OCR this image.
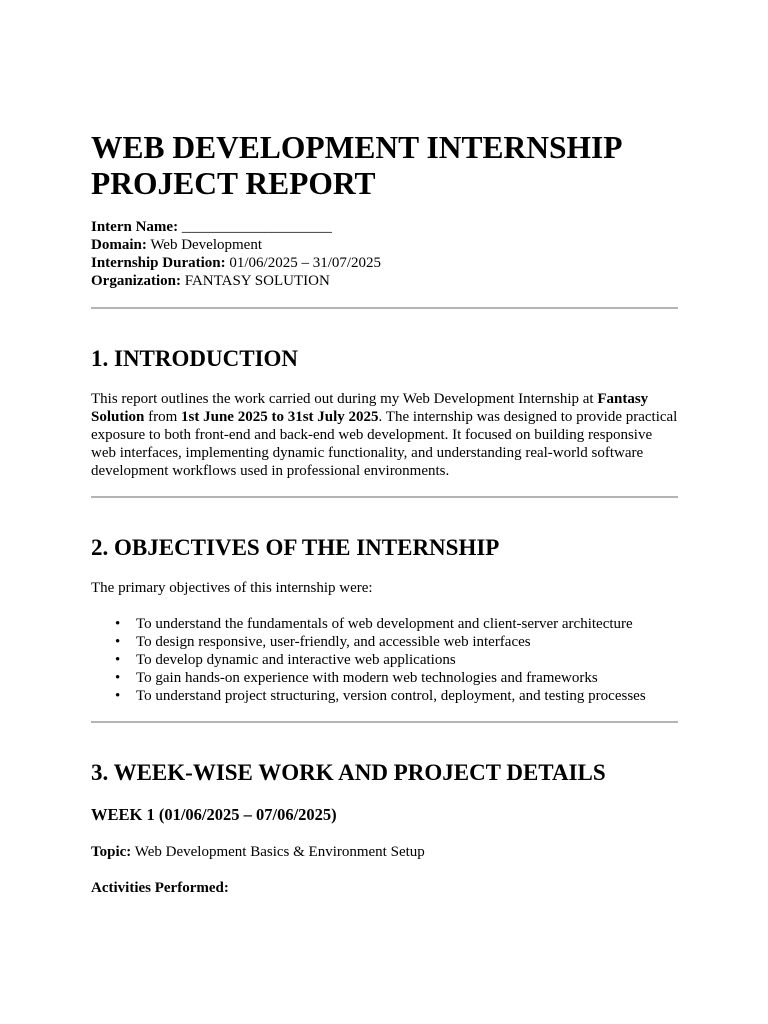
WEB DEVELOPMENT INTERNSHIP PROJECT REPORT
Intern Name: ____________________
Domain: Web Development
Internship Duration: 01/06/2025 – 31/07/2025
Organization: FANTASY SOLUTION
1. INTRODUCTION

This report outlines the work carried out during my Web Development Internship at Fantasy Solution from 1st June 2025 to 31st July 2025. The internship was designed to provide practical exposure to both front-end and back-end web development. It focused on building responsive web interfaces, implementing dynamic functionality, and understanding real-world software development workflows used in professional environments.

2. OBJECTIVES OF THE INTERNSHIP

The primary objectives of this internship were:

• To understand the fundamentals of web development and client-server architecture
• To design responsive, user-friendly, and accessible web interfaces
• To develop dynamic and interactive web applications
• To gain hands-on experience with modern web technologies and frameworks
• To understand project structuring, version control, deployment, and testing processes
3. WEEK-WISE WORK AND PROJECT DETAILS
WEEK 1 (01/06/2025 – 07/06/2025)
Topic: Web Development Basics & Environment Setup
Activities Performed:
